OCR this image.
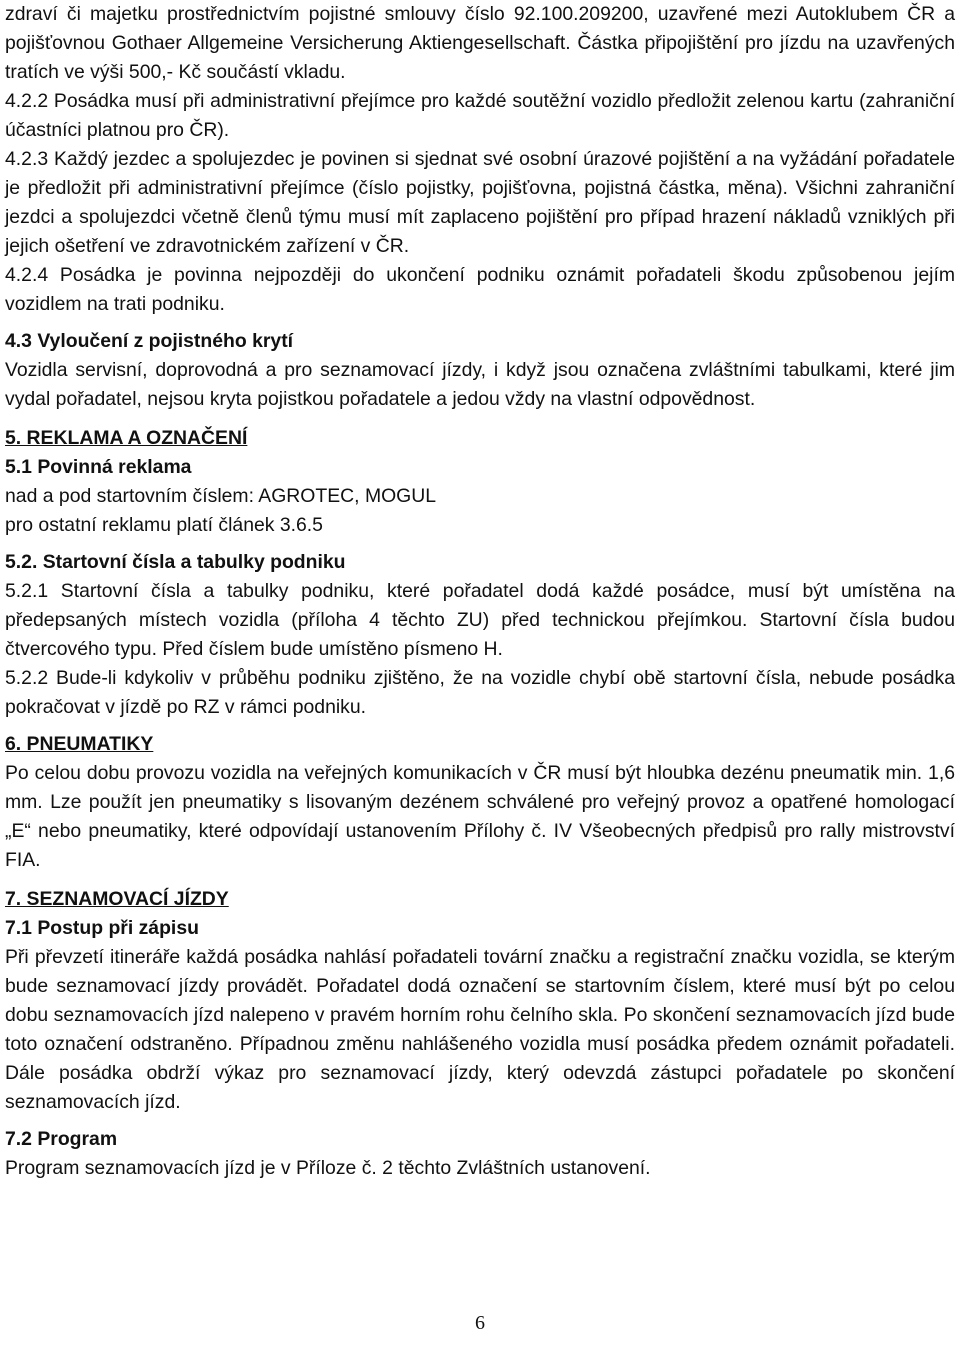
zdraví či majetku prostřednictvím pojistné smlouvy číslo 92.100.209200, uzavřené mezi Autoklubem ČR a pojišťovnou Gothaer Allgemeine Versicherung Aktiengesellschaft. Částka připojištění pro jízdu na uzavřených tratích ve výši 500,- Kč součástí vkladu.

4.2.2 Posádka musí při administrativní přejímce pro každé soutěžní vozidlo předložit zelenou kartu (zahraniční účastníci platnou pro ČR).

4.2.3 Každý jezdec a spolujezdec je povinen si sjednat své osobní úrazové pojištění a na vyžádání pořadatele je předložit při administrativní přejímce (číslo pojistky, pojišťovna, pojistná částka, měna). Všichni zahraniční jezdci a spolujezdci včetně členů týmu musí mít zaplaceno pojištění pro případ hrazení nákladů vzniklých při jejich ošetření ve zdravotnickém zařízení v ČR.

4.2.4 Posádka je povinna nejpozději do ukončení podniku oznámit pořadateli škodu způsobenou jejím vozidlem na trati podniku.

4.3 Vyloučení z pojistného krytí

Vozidla servisní, doprovodná a pro seznamovací jízdy, i když jsou označena zvláštními tabulkami, které jim vydal pořadatel, nejsou kryta pojistkou pořadatele a jedou vždy na vlastní odpovědnost.

5. REKLAMA A OZNAČENÍ

5.1 Povinná reklama

nad a pod startovním číslem: AGROTEC, MOGUL

pro ostatní reklamu platí článek 3.6.5

5.2. Startovní čísla a tabulky podniku

5.2.1 Startovní čísla a tabulky podniku, které pořadatel dodá každé posádce, musí být umístěna na předepsaných místech vozidla (příloha 4 těchto ZU) před technickou přejímkou. Startovní čísla budou čtvercového typu. Před číslem bude umístěno písmeno H.

5.2.2 Bude-li kdykoliv v průběhu podniku zjištěno, že na vozidle chybí obě startovní čísla, nebude posádka pokračovat v jízdě po RZ v rámci podniku.

6. PNEUMATIKY

Po celou dobu provozu vozidla na veřejných komunikacích v ČR musí být hloubka dezénu pneumatik min. 1,6 mm. Lze použít jen pneumatiky s lisovaným dezénem schválené pro veřejný provoz a opatřené homologací „E“ nebo pneumatiky, které odpovídají ustanovením Přílohy č. IV Všeobecných předpisů pro rally mistrovství FIA.

7. SEZNAMOVACÍ JÍZDY

7.1 Postup při zápisu

Při převzetí itineráře každá posádka nahlásí pořadateli tovární značku a registrační značku vozidla, se kterým bude seznamovací jízdy provádět. Pořadatel dodá označení se startovním číslem, které musí být po celou dobu seznamovacích jízd nalepeno v pravém horním rohu čelního skla. Po skončení seznamovacích jízd bude toto označení odstraněno. Případnou změnu nahlášeného vozidla musí posádka předem oznámit pořadateli. Dále posádka obdrží výkaz pro seznamovací jízdy, který odevzdá zástupci pořadatele po skončení seznamovacích jízd.

7.2 Program

Program seznamovacích jízd je v Příloze č. 2 těchto Zvláštních ustanovení.

6
